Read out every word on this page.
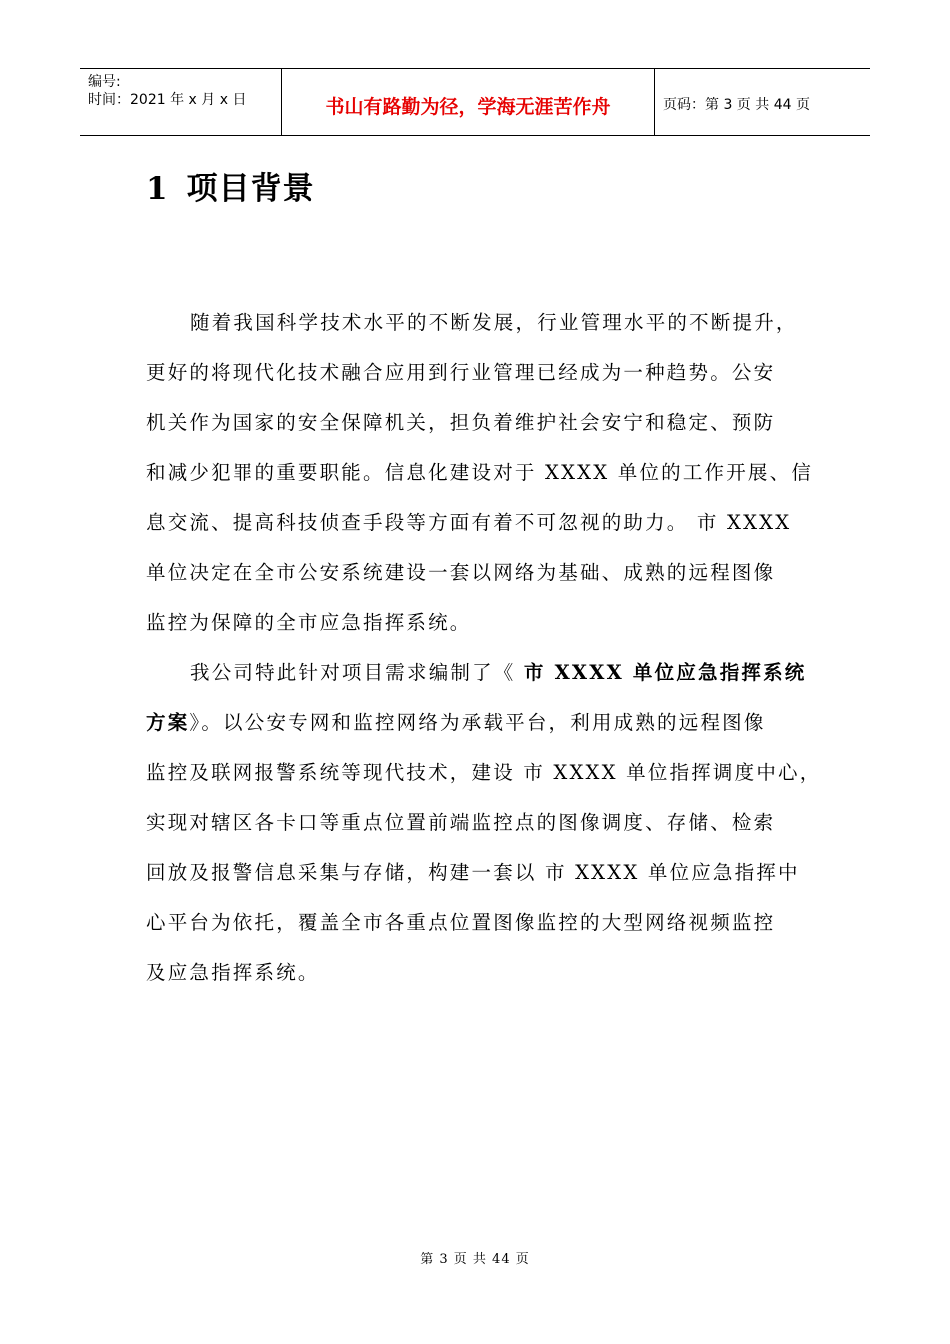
编号:
时间：2021 年 x 月 x 日	书山有路勤为径，学海无涯苦作舟	页码：第 3 页 共 44 页
1 项目背景
随着我国科学技术水平的不断发展，行业管理水平的不断提升，
更好的将现代化技术融合应用到行业管理已经成为一种趋势。公安
机关作为国家的安全保障机关，担负着维护社会安宁和稳定、预防
和减少犯罪的重要职能。信息化建设对于 XXXX 单位的工作开展、信
息交流、提高科技侦查手段等方面有着不可忽视的助力。 市 XXXX
单位决定在全市公安系统建设一套以网络为基础、成熟的远程图像
监控为保障的全市应急指挥系统。
我公司特此针对项目需求编制了《 市 XXXX 单位应急指挥系统
方案》。以公安专网和监控网络为承载平台，利用成熟的远程图像
监控及联网报警系统等现代技术，建设 市 XXXX 单位指挥调度中心，
实现对辖区各卡口等重点位置前端监控点的图像调度、存储、检索
回放及报警信息采集与存储，构建一套以 市 XXXX 单位应急指挥中
心平台为依托，覆盖全市各重点位置图像监控的大型网络视频监控
及应急指挥系统。
第 3 页 共 44 页
